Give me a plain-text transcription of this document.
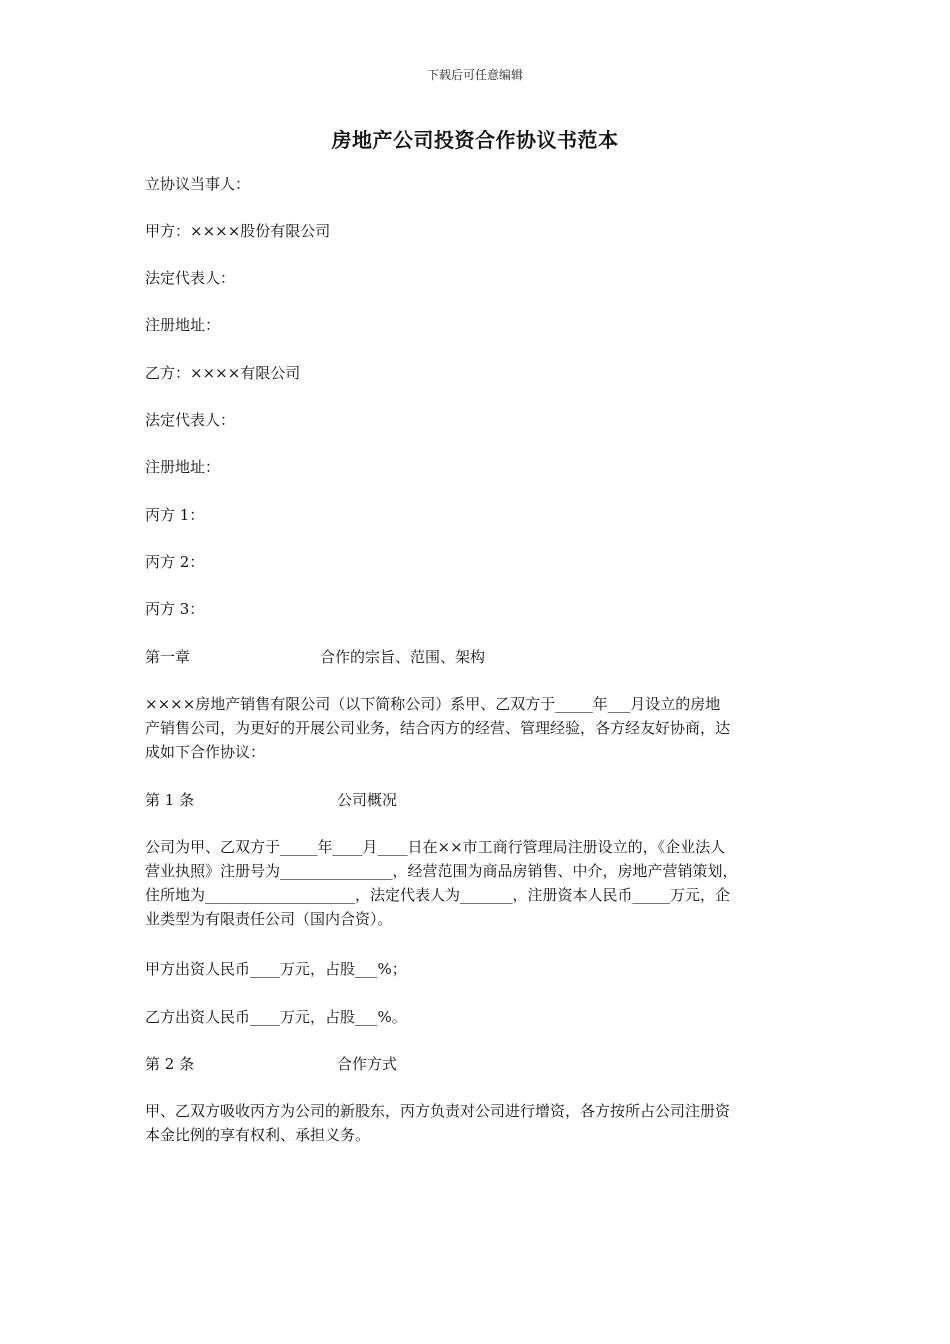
下载后可任意编辑
房地产公司投资合作协议书范本
立协议当事人：
甲方：××××股份有限公司
法定代表人：
注册地址：
乙方：××××有限公司
法定代表人：
注册地址：
丙方 1：
丙方 2：
丙方 3：
第一章	合作的宗旨、范围、架构
××××房地产销售有限公司（以下简称公司）系甲、乙双方于_____年___月设立的房地
产销售公司，为更好的开展公司业务，结合丙方的经营、管理经验，各方经友好协商，达
成如下合作协议：
第 1 条	公司概况
公司为甲、乙双方于_____年____月____日在××市工商行管理局注册设立的，《企业法人
营业执照》注册号为_______________，经营范围为商品房销售、中介，房地产营销策划，
住所地为____________________，法定代表人为_______，注册资本人民币_____万元，企
业类型为有限责任公司（国内合资）。
甲方出资人民币____万元，占股___%；
乙方出资人民币____万元，占股___%。
第 2 条	合作方式
甲、乙双方吸收丙方为公司的新股东，丙方负责对公司进行增资，各方按所占公司注册资
本金比例的享有权利、承担义务。
